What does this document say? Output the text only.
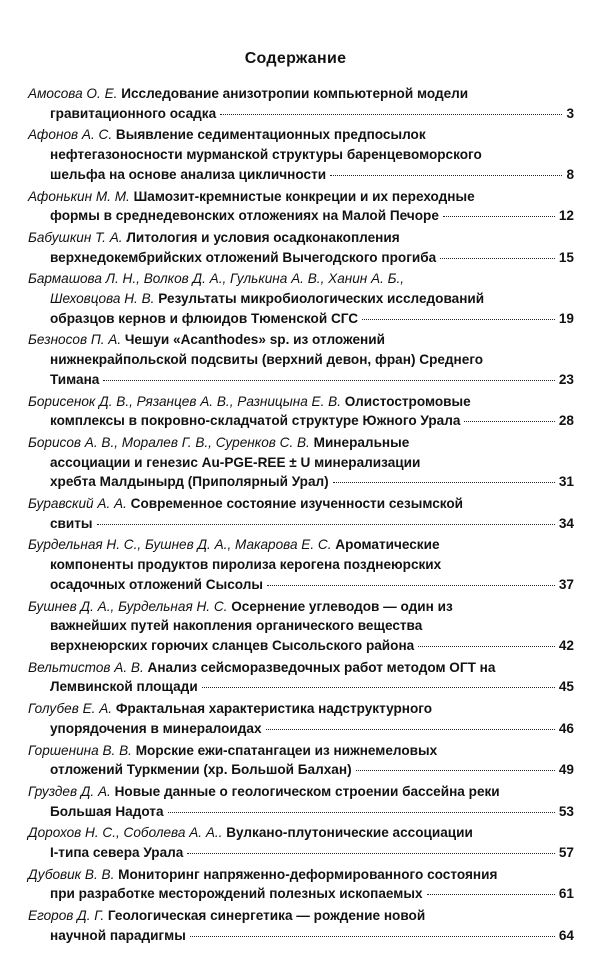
Содержание
Амосова О. Е. Исследование анизотропии компьютерной модели
гравитационного осадка	3
Афонов А. С. Выявление седиментационных предпосылок
нефтегазоносности мурманской структуры баренцевоморского
шельфа на основе анализа цикличности	8
Афонькин М. М. Шамозит-кремнистые конкреции и их переходные
формы в среднедевонских отложениях на Малой Печоре	12
Бабушкин Т. А. Литология и условия осадконакопления
верхнедокембрийских отложений Вычегодского прогиба	15
Бармашова Л. Н., Волков Д. А., Гулькина А. В., Ханин А. Б.,
Шеховцова Н. В. Результаты микробиологических исследований
образцов кернов и флюидов Тюменской СГС	19
Безносов П. А. Чешуи «Acanthodes» sp. из отложений
нижнекрайпольской подсвиты (верхний девон, фран) Среднего
Тимана	23
Борисенок Д. В., Рязанцев А. В., Разницына Е. В. Олистостромовые
комплексы в покровно-складчатой структуре Южного Урала	28
Борисов А. В., Моралев Г. В., Суренков С. В. Минеральные
ассоциации и генезис Au-PGE-REE ± U минерализации
хребта Малдынырд (Приполярный Урал)	31
Буравский А. А. Современное состояние изученности сезымской
свиты	34
Бурдельная Н. С., Бушнев Д. А., Макарова Е. С. Ароматические
компоненты продуктов пиролиза керогена позднеюрских
осадочных отложений Сысолы	37
Бушнев Д. А., Бурдельная Н. С. Осернение углеводов — один из
важнейших путей накопления органического вещества
верхнеюрских горючих сланцев Сысольского района	42
Вельтистов А. В. Анализ сейсморазведочных работ методом ОГТ на
Лемвинской площади	45
Голубев Е. А. Фрактальная характеристика надструктурного
упорядочения в минералоидах	46
Горшенина В. В. Морские ежи-спатангацеи из нижнемеловых
отложений Туркмении (хр. Большой Балхан)	49
Груздев Д. А. Новые данные о геологическом строении бассейна реки
Большая Надота	53
Дорохов Н. С., Соболева А. А.. Вулкано-плутонические ассоциации
I-типа севера Урала	57
Дубовик В. В. Мониторинг напряженно-деформированного состояния
при разработке месторождений полезных ископаемых	61
Егоров Д. Г. Геологическая синергетика — рождение новой
научной парадигмы	64
